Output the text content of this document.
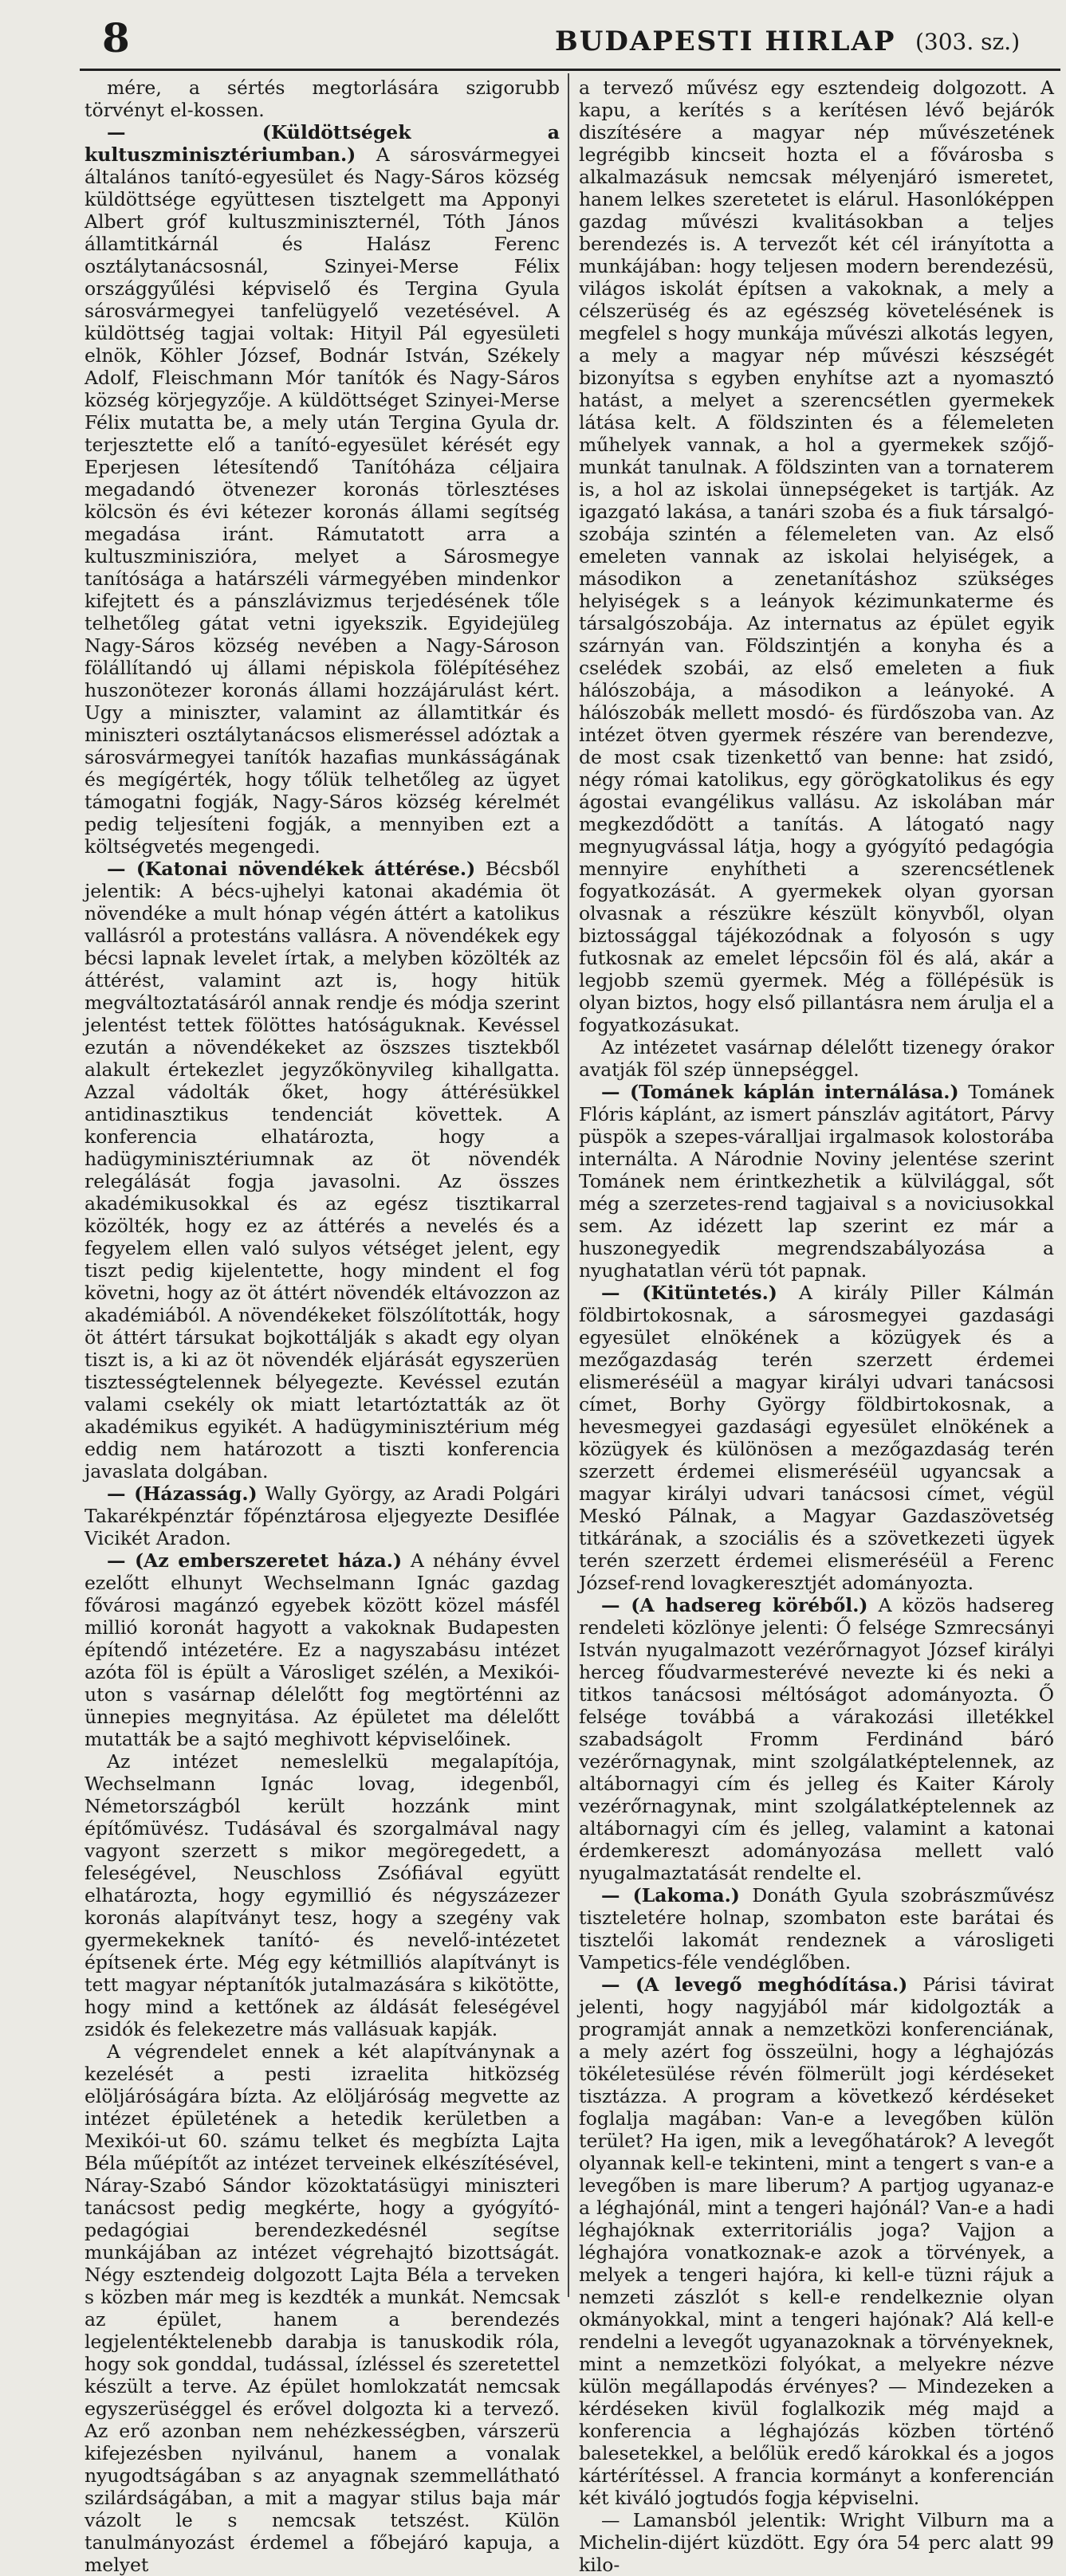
8	BUDAPESTI HIRLAP (303. sz.)

mére, a sértés megtorlására szigorubb törvényt el-kossen.

— (Küldöttségek a kultuszminisztériumban.) A sárosvármegyei általános tanító-egyesület és Nagy-Sáros község küldöttsége együttesen tisztelgett ma Apponyi Albert gróf kultuszminiszternél, Tóth János államtitkárnál és Halász Ferenc osztálytanácsosnál, Szinyei-Merse Félix országgyűlési képviselő és Tergina Gyula sárosvármegyei tanfelügyelő vezetésével. A küldöttség tagjai voltak: Hityil Pál egyesületi elnök, Köhler József, Bodnár István, Székely Adolf, Fleischmann Mór tanítók és Nagy-Sáros község körjegyzője. A küldöttséget Szinyei-Merse Félix mutatta be, a mely után Tergina Gyula dr. terjesztette elő a tanító-egyesület kérését egy Eperjesen létesítendő Tanítóháza céljaira megadandó ötvenezer koronás törlesztéses kölcsön és évi kétezer koronás állami segítség megadása iránt. Rámutatott arra a kultuszminiszióra, melyet a Sárosmegye tanítósága a határszéli vármegyében mindenkor kifejtett és a pánszlávizmus terjedésének tőle telhetőleg gátat vetni igyekszik. Egyidejüleg Nagy-Sáros község nevében a Nagy-Sároson fölállítandó uj állami népiskola fölépítéséhez huszonötezer koronás állami hozzájárulást kért. Ugy a miniszter, valamint az államtitkár és miniszteri osztálytanácsos elismeréssel adóztak a sárosvármegyei tanítók hazafias munkásságának és megígérték, hogy tőlük telhetőleg az ügyet támogatni fogják, Nagy-Sáros község kérelmét pedig teljesíteni fogják, a mennyiben ezt a költségvetés megengedi.

— (Katonai növendékek áttérése.) Bécsből jelentik: A bécs-ujhelyi katonai akadémia öt növendéke a mult hónap végén áttért a katolikus vallásról a protestáns vallásra. A növendékek egy bécsi lapnak levelet írtak, a melyben közölték az áttérést, valamint azt is, hogy hitük megváltoztatásáról annak rendje és módja szerint jelentést tettek fölöttes hatóságuknak. Kevéssel ezután a növendékeket az öszszes tisztekből alakult értekezlet jegyzőkönyvileg kihallgatta. Azzal vádolták őket, hogy áttérésükkel antidinasztikus tendenciát követtek. A konferencia elhatározta, hogy a hadügyminisztériumnak az öt növendék relegálását fogja javasolni. Az összes akadémikusokkal és az egész tisztikarral közölték, hogy ez az áttérés a nevelés és a fegyelem ellen való sulyos vétséget jelent, egy tiszt pedig kijelentette, hogy mindent el fog követni, hogy az öt áttért növendék eltávozzon az akadémiából. A növendékeket fölszólították, hogy öt áttért társukat bojkottálják s akadt egy olyan tiszt is, a ki az öt növendék eljárását egyszerüen tisztességtelennek bélyegezte. Kevéssel ezután valami csekély ok miatt letartóztatták az öt akadémikus egyikét. A hadügyminisztérium még eddig nem határozott a tiszti konferencia javaslata dolgában.

— (Házasság.) Wally György, az Aradi Polgári Takarékpénztár főpénztárosa eljegyezte Desiflée Vicikét Aradon.

— (Az emberszeretet háza.) A néhány évvel ezelőtt elhunyt Wechselmann Ignác gazdag fővárosi magánzó egyebek között közel másfél millió koronát hagyott a vakoknak Budapesten építendő intézetére. Ez a nagyszabásu intézet azóta föl is épült a Városliget szélén, a Mexikói-uton s vasárnap délelőtt fog megtörténni az ünnepies megnyitása. Az épületet ma délelőtt mutatták be a sajtó meghivott képviselőinek.

Az intézet nemeslelkü megalapítója, Wechselmann Ignác lovag, idegenből, Németországból került hozzánk mint építőmüvész. Tudásával és szorgalmával nagy vagyont szerzett s mikor megöregedett, a feleségével, Neuschloss Zsófiával együtt elhatározta, hogy egymillió és négyszázezer koronás alapítványt tesz, hogy a szegény vak gyermekeknek tanító- és nevelő-intézetet építsenek érte. Még egy kétmilliós alapítványt is tett magyar néptanítók jutalmazására s kikötötte, hogy mind a kettőnek az áldását feleségével zsidók és felekezetre más vallásuak kapják.

A végrendelet ennek a két alapítványnak a kezelését a pesti izraelita hitközség elöljáróságára bízta. Az elöljáróság megvette az intézet épületének a hetedik kerületben a Mexikói-ut 60. számu telket és megbízta Lajta Béla műépítőt az intézet terveinek elkészítésével, Náray-Szabó Sándor közoktatásügyi miniszteri tanácsost pedig megkérte, hogy a gyógyító-pedagógiai berendezkedésnél segítse munkájában az intézet végrehajtó bizottságát. Négy esztendeig dolgozott Lajta Béla a terveken s közben már meg is kezdték a munkát. Nemcsak az épület, hanem a berendezés legjelentéktelenebb darabja is tanuskodik róla, hogy sok gonddal, tudással, ízléssel és szeretettel készült a terve. Az épület homlokzatát nemcsak egyszerüséggel és erővel dolgozta ki a tervező. Az erő azonban nem nehézkességben, várszerü kifejezésben nyilvánul, hanem a vonalak nyugodtságában s az anyagnak szemmellátható szilárdságában, a mit a magyar stilus baja már vázolt le s nemcsak tetszést. Külön tanulmányozást érdemel a főbejáró kapuja, a melyet

a tervező művész egy esztendeig dolgozott. A kapu, a kerítés s a kerítésen lévő bejárók diszítésére a magyar nép művészetének legrégibb kincseit hozta el a fővárosba s alkalmazásuk nemcsak mélyenjáró ismeretet, hanem lelkes szeretetet is elárul. Hasonlóképpen gazdag művészi kvalitásokban a teljes berendezés is. A tervezőt két cél irányította a munkájában: hogy teljesen modern berendezésü, világos iskolát építsen a vakoknak, a mely a célszerüség és az egészség követelésének is megfelel s hogy munkája művészi alkotás legyen, a mely a magyar nép művészi készségét bizonyítsa s egyben enyhítse azt a nyomasztó hatást, a melyet a szerencsétlen gyermekek látása kelt. A földszinten és a félemeleten műhelyek vannak, a hol a gyermekek szőjő-munkát tanulnak. A földszinten van a tornaterem is, a hol az iskolai ünnepségeket is tartják. Az igazgató lakása, a tanári szoba és a fiuk társalgó-szobája szintén a félemeleten van. Az első emeleten vannak az iskolai helyiségek, a másodikon a zenetanításhoz szükséges helyiségek s a leányok kézimunkaterme és társalgószobája. Az internatus az épület egyik szárnyán van. Földszintjén a konyha és a cselédek szobái, az első emeleten a fiuk hálószobája, a másodikon a leányoké. A hálószobák mellett mosdó- és fürdőszoba van. Az intézet ötven gyermek részére van berendezve, de most csak tizenkettő van benne: hat zsidó, négy római katolikus, egy görögkatolikus és egy ágostai evangélikus vallásu. Az iskolában már megkezdődött a tanítás. A látogató nagy megnyugvással látja, hogy a gyógyító pedagógia mennyire enyhítheti a szerencsétlenek fogyatkozását. A gyermekek olyan gyorsan olvasnak a részükre készült könyvből, olyan biztossággal tájékozódnak a folyosón s ugy futkosnak az emelet lépcsőin föl és alá, akár a legjobb szemü gyermek. Még a föllépésük is olyan biztos, hogy első pillantásra nem árulja el a fogyatkozásukat.

Az intézetet vasárnap délelőtt tizenegy órakor avatják föl szép ünnepséggel.

— (Tománek káplán internálása.) Tománek Flóris káplánt, az ismert pánszláv agitátort, Párvy püspök a szepes-váralljai irgalmasok kolostorába internálta. A Národnie Noviny jelentése szerint Tománek nem érintkezhetik a külvilággal, sőt még a szerzetes-rend tagjaival s a noviciusokkal sem. Az idézett lap szerint ez már a huszonegyedik megrendszabályozása a nyughatatlan vérü tót papnak.

— (Kitüntetés.) A király Piller Kálmán földbirtokosnak, a sárosmegyei gazdasági egyesület elnökének a közügyek és a mezőgazdaság terén szerzett érdemei elismeréséül a magyar királyi udvari tanácsosi címet, Borhy György földbirtokosnak, a hevesmegyei gazdasági egyesület elnökének a közügyek és különösen a mezőgazdaság terén szerzett érdemei elismeréséül ugyancsak a magyar királyi udvari tanácsosi címet, végül Meskó Pálnak, a Magyar Gazdaszövetség titkárának, a szociális és a szövetkezeti ügyek terén szerzett érdemei elismeréséül a Ferenc József-rend lovagkeresztjét adományozta.

— (A hadsereg köréből.) A közös hadsereg rendeleti közlönye jelenti: Ő felsége Szmrecsányi István nyugalmazott vezérőrnagyot József királyi herceg főudvarmesterévé nevezte ki és neki a titkos tanácsosi méltóságot adományozta. Ő felsége továbbá a várakozási illetékkel szabadságolt Fromm Ferdinánd báró vezérőrnagynak, mint szolgálatképtelennek, az altábornagyi cím és jelleg és Kaiter Károly vezérőrnagynak, mint szolgálatképtelennek az altábornagyi cím és jelleg, valamint a katonai érdemkereszt adományozása mellett való nyugalmaztatását rendelte el.

— (Lakoma.) Donáth Gyula szobrászművész tiszteletére holnap, szombaton este barátai és tisztelői lakomát rendeznek a városligeti Vampetics-féle vendéglőben.

— (A levegő meghódítása.) Párisi távirat jelenti, hogy nagyjából már kidolgozták a programját annak a nemzetközi konferenciának, a mely azért fog összeülni, hogy a léghajózás tökéletesülése révén fölmerült jogi kérdéseket tisztázza. A program a következő kérdéseket foglalja magában: Van-e a levegőben külön terület? Ha igen, mik a levegőhatárok? A levegőt olyannak kell-e tekinteni, mint a tengert s van-e a levegőben is mare liberum? A partjog ugyanaz-e a léghajónál, mint a tengeri hajónál? Van-e a hadi léghajóknak exterritoriális joga? Vajjon a léghajóra vonatkoznak-e azok a törvények, a melyek a tengeri hajóra, ki kell-e tüzni rájuk a nemzeti zászlót s kell-e rendelkeznie olyan okmányokkal, mint a tengeri hajónak? Alá kell-e rendelni a levegőt ugyanazoknak a törvényeknek, mint a nemzetközi folyókat, a melyekre nézve külön megállapodás érvényes? — Mindezeken a kérdéseken kivül foglalkozik még majd a konferencia a léghajózás közben történő balesetekkel, a belőlük eredő károkkal és a jogos kártérítéssel. A francia kormányt a konferencián két kiváló jogtudós fogja képviselni.

— Lamansból jelentik: Wright Vilburn ma a Michelin-dijért küzdött. Egy óra 54 perc alatt 99 kilo-
